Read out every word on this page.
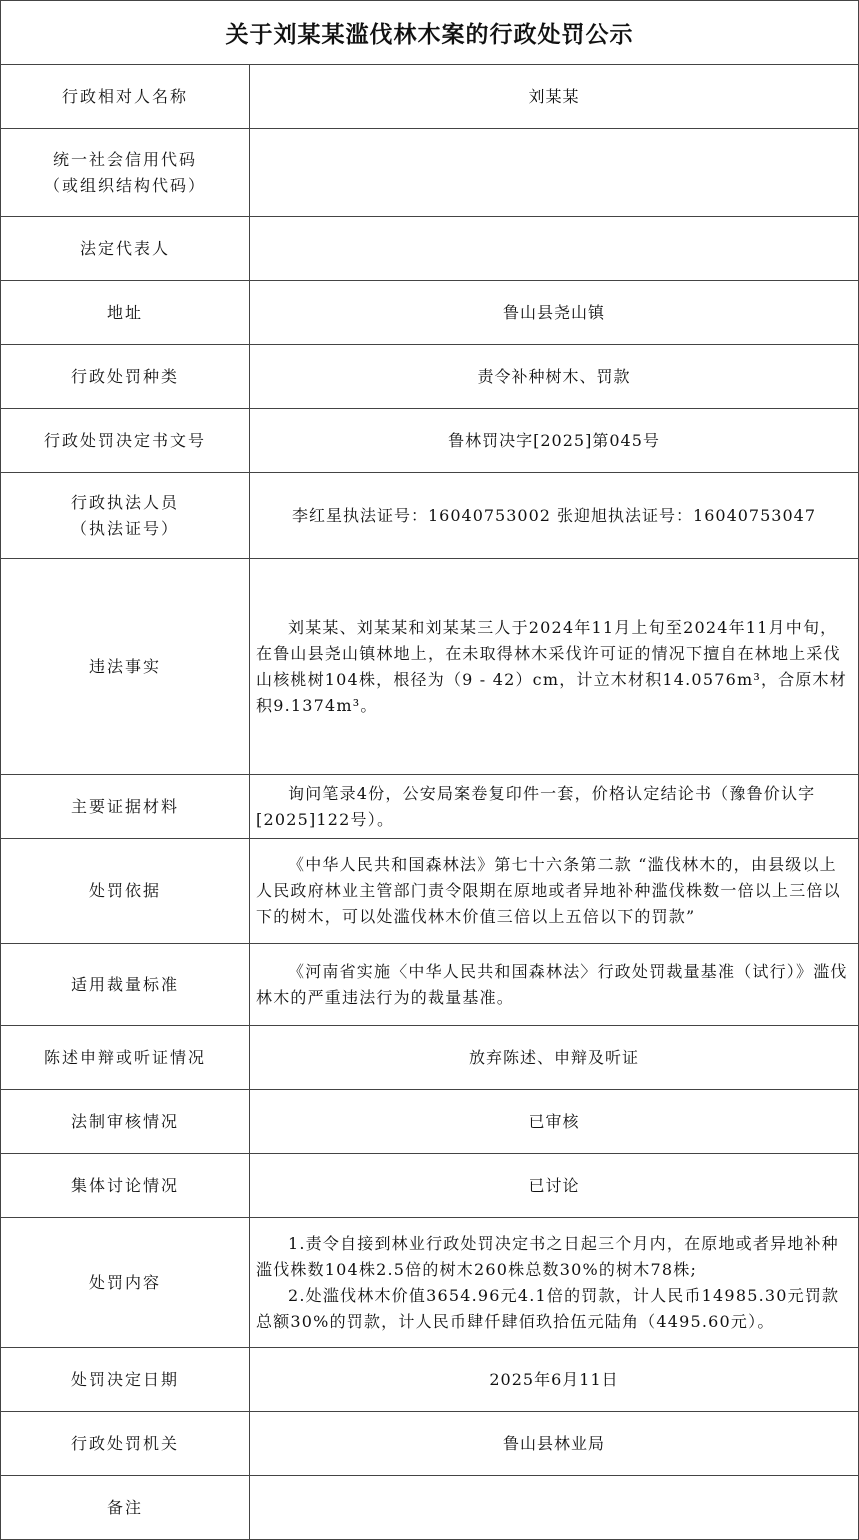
关于刘某某滥伐林木案的行政处罚公示
行政相对人名称	刘某某

统一社会信用代码
（或组织结构代码）	

法定代表人	
地址	鲁山县尧山镇
行政处罚种类	责令补种树木、罚款
行政处罚决定书文号	鲁林罚决字[2025]第045号

行政执法人员
（执法证号）	李红星执法证号：16040753002 张迎旭执法证号：16040753047
违法事实	刘某某、刘某某和刘某某三人于2024年11月上旬至2024年11月中旬，在鲁山县尧山镇林地上，在未取得林木采伐许可证的情况下擅自在林地上采伐山核桃树104株，根径为（9 - 42）cm，计立木材积14.0576m³，合原木材积9.1374m³。

主要证据材料	询问笔录4份，公安局案卷复印件一套，价格认定结论书（豫鲁价认字[2025]122号）。

处罚依据	《中华人民共和国森林法》第七十六条第二款 “滥伐林木的，由县级以上人民政府林业主管部门责令限期在原地或者异地补种滥伐株数一倍以上三倍以下的树木，可以处滥伐林木价值三倍以上五倍以下的罚款”

适用裁量标准	《河南省实施〈中华人民共和国森林法〉行政处罚裁量基准（试行）》滥伐林木的严重违法行为的裁量基准。

陈述申辩或听证情况	放弃陈述、申辩及听证
法制审核情况	已审核
集体讨论情况	已讨论
处罚内容	1.责令自接到林业行政处罚决定书之日起三个月内，在原地或者异地补种滥伐株数104株2.5倍的树木260株总数30%的树木78株;
2.处滥伐林木价值3654.96元4.1倍的罚款，计人民币14985.30元罚款总额30%的罚款，计人民币肆仟肆佰玖拾伍元陆角（4495.60元）。

处罚决定日期	2025年6月11日
行政处罚机关	鲁山县林业局
备注	
